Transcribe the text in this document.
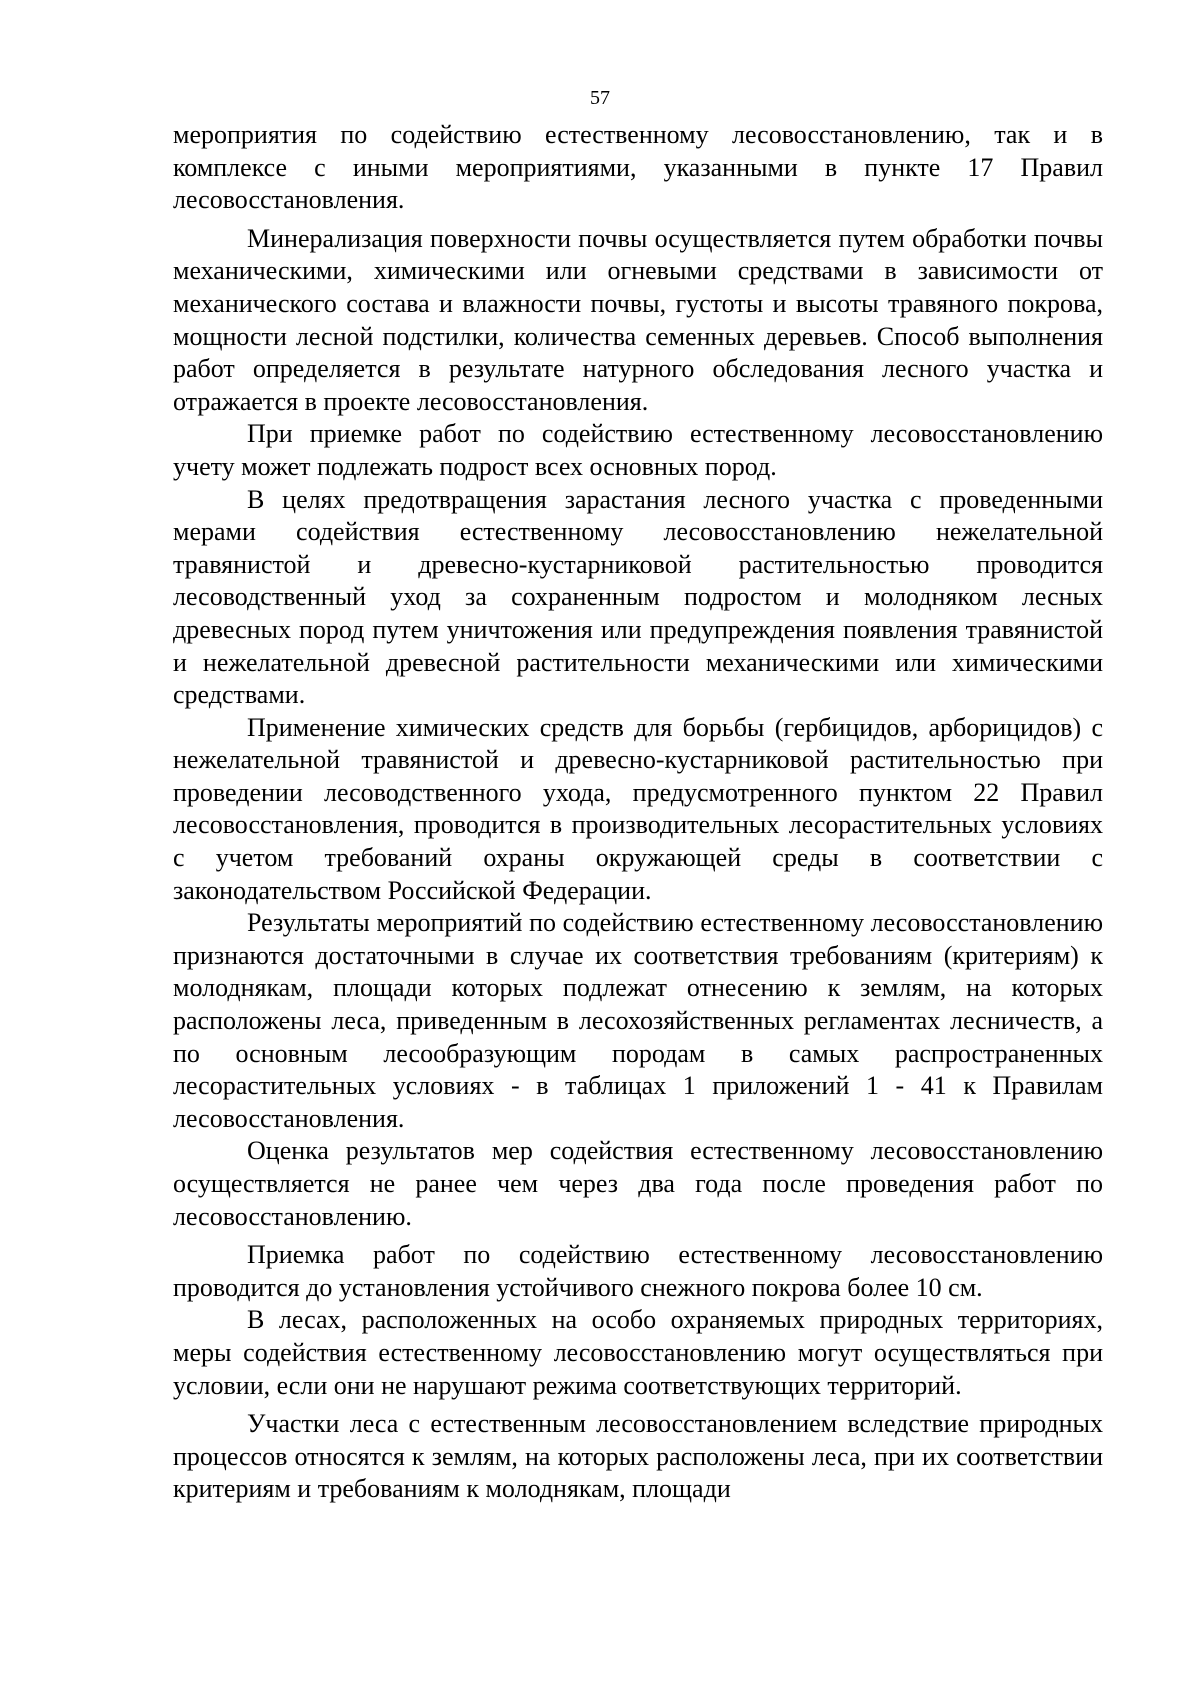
57

мероприятия по содействию естественному лесовосстановлению, так и в комплексе с иными мероприятиями, указанными в пункте 17 Правил лесовосстановления.

Минерализация поверхности почвы осуществляется путем обработки почвы механическими, химическими или огневыми средствами в зависимости от механического состава и влажности почвы, густоты и высоты травяного покрова, мощности лесной подстилки, количества семенных деревьев. Способ выполнения работ определяется в результате натурного обследования лесного участка и отражается в проекте лесовосстановления.

При приемке работ по содействию естественному лесовосстановлению учету может подлежать подрост всех основных пород.

В целях предотвращения зарастания лесного участка с проведенными мерами содействия естественному лесовосстановлению нежелательной травянистой и древесно-кустарниковой растительностью проводится лесоводственный уход за сохраненным подростом и молодняком лесных древесных пород путем уничтожения или предупреждения появления травянистой и нежелательной древесной растительности механическими или химическими средствами.

Применение химических средств для борьбы (гербицидов, арборицидов) с нежелательной травянистой и древесно-кустарниковой растительностью при проведении лесоводственного ухода, предусмотренного пунктом 22 Правил лесовосстановления, проводится в производительных лесорастительных условиях с учетом требований охраны окружающей среды в соответствии с законодательством Российской Федерации.

Результаты мероприятий по содействию естественному лесовосстановлению признаются достаточными в случае их соответствия требованиям (критериям) к молоднякам, площади которых подлежат отнесению к землям, на которых расположены леса, приведенным в лесохозяйственных регламентах лесничеств, а по основным лесообразующим породам в самых распространенных лесорастительных условиях - в таблицах 1 приложений 1 - 41 к Правилам лесовосстановления.

Оценка результатов мер содействия естественному лесовосстановлению осуществляется не ранее чем через два года после проведения работ по лесовосстановлению.

Приемка работ по содействию естественному лесовосстановлению проводится до установления устойчивого снежного покрова более 10 см.

В лесах, расположенных на особо охраняемых природных территориях, меры содействия естественному лесовосстановлению могут осуществляться при условии, если они не нарушают режима соответствующих территорий.

Участки леса с естественным лесовосстановлением вследствие природных процессов относятся к землям, на которых расположены леса, при их соответствии критериям и требованиям к молоднякам, площади
